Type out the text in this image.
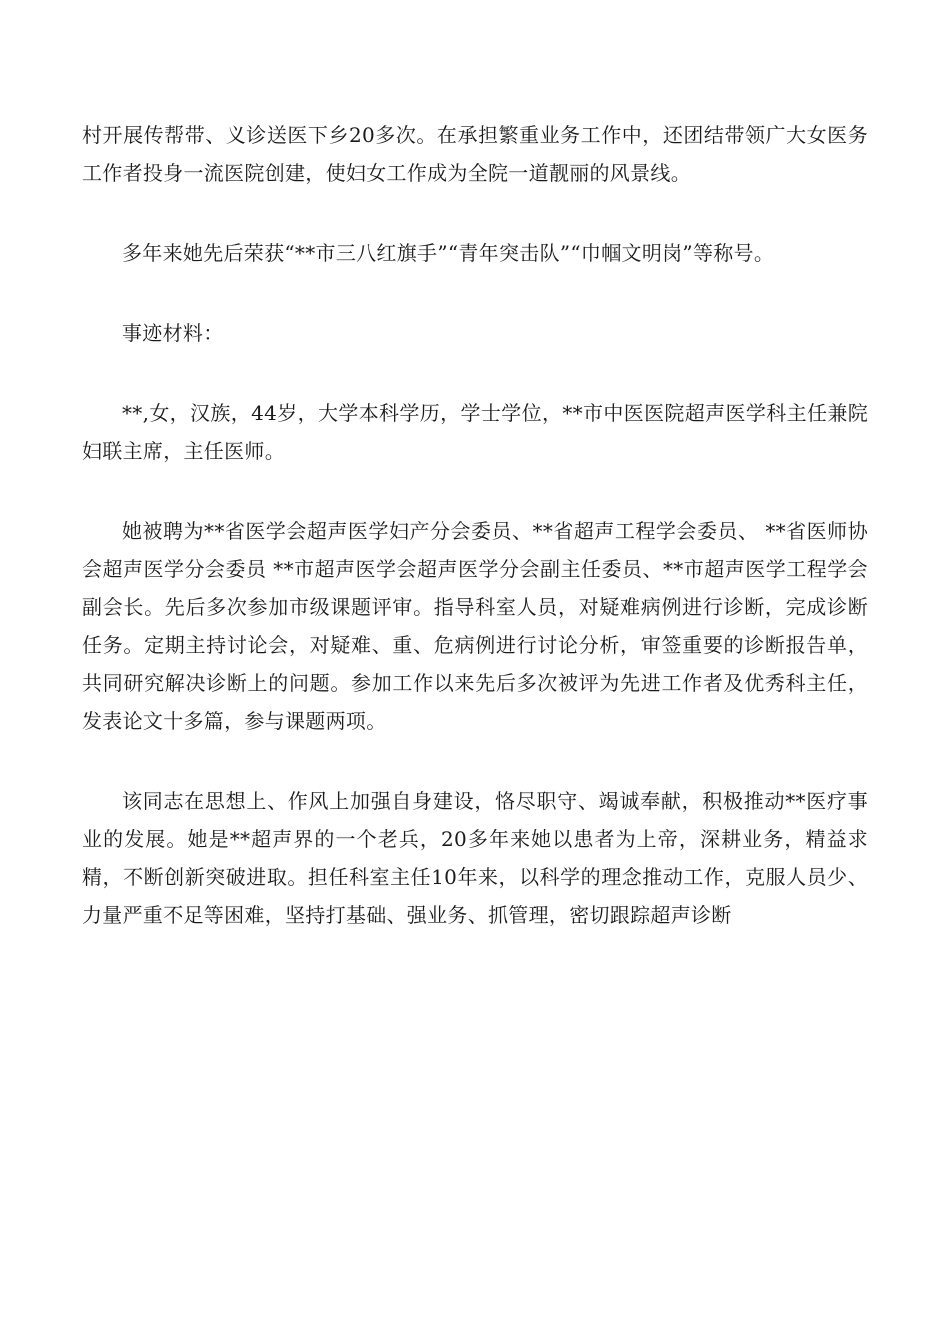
村开展传帮带、义诊送医下乡20多次。在承担繁重业务工作中，还团结带领广大女医务工作者投身一流医院创建，使妇女工作成为全院一道靓丽的风景线。

多年来她先后荣获“**市三八红旗手”“青年突击队”“巾帼文明岗”等称号。

事迹材料：

**,女，汉族，44岁，大学本科学历，学士学位，**市中医医院超声医学科主任兼院妇联主席，主任医师。

她被聘为**省医学会超声医学妇产分会委员、**省超声工程学会委员、 **省医师协会超声医学分会委员 **市超声医学会超声医学分会副主任委员、**市超声医学工程学会副会长。先后多次参加市级课题评审。指导科室人员，对疑难病例进行诊断，完成诊断任务。定期主持讨论会，对疑难、重、危病例进行讨论分析，审签重要的诊断报告单，共同研究解决诊断上的问题。参加工作以来先后多次被评为先进工作者及优秀科主任，发表论文十多篇，参与课题两项。

该同志在思想上、作风上加强自身建设，恪尽职守、竭诚奉献，积极推动**医疗事业的发展。她是**超声界的一个老兵，20多年来她以患者为上帝，深耕业务，精益求精，不断创新突破进取。担任科室主任10年来，以科学的理念推动工作，克服人员少、力量严重不足等困难，坚持打基础、强业务、抓管理，密切跟踪超声诊断
